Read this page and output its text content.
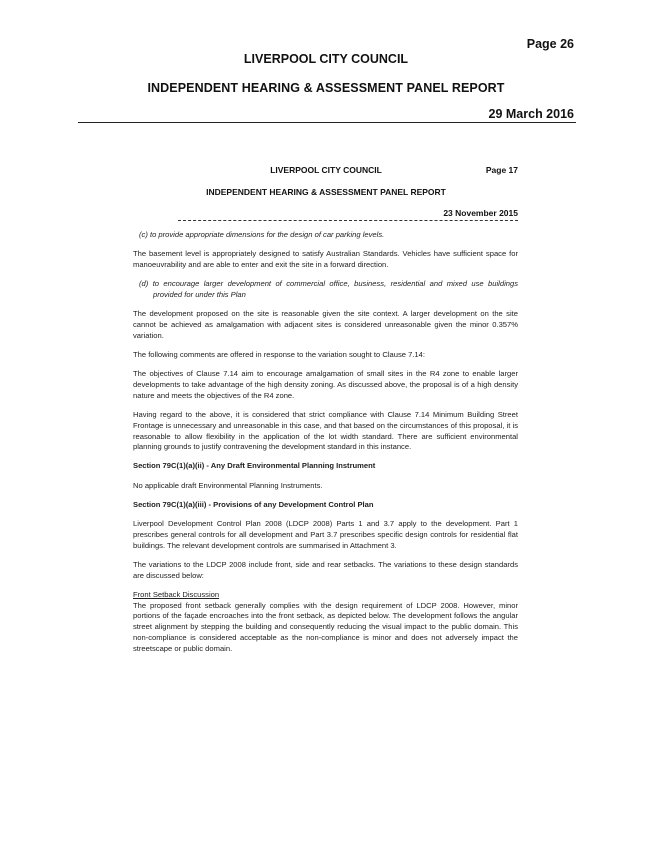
Page 26
LIVERPOOL CITY COUNCIL
INDEPENDENT HEARING & ASSESSMENT PANEL REPORT
29 March 2016
LIVERPOOL CITY COUNCIL	Page 17
INDEPENDENT HEARING & ASSESSMENT PANEL REPORT
23 November 2015

(c) to provide appropriate dimensions for the design of car parking levels.

The basement level is appropriately designed to satisfy Australian Standards. Vehicles have sufficient space for manoeuvrability and are able to enter and exit the site in a forward direction.

(d) to encourage larger development of commercial office, business, residential and mixed use buildings provided for under this Plan

The development proposed on the site is reasonable given the site context. A larger development on the site cannot be achieved as amalgamation with adjacent sites is considered unreasonable given the minor 0.357% variation.

The following comments are offered in response to the variation sought to Clause 7.14:

The objectives of Clause 7.14 aim to encourage amalgamation of small sites in the R4 zone to enable larger developments to take advantage of the high density zoning. As discussed above, the proposal is of a high density nature and meets the objectives of the R4 zone.

Having regard to the above, it is considered that strict compliance with Clause 7.14 Minimum Building Street Frontage is unnecessary and unreasonable in this case, and that based on the circumstances of this proposal, it is reasonable to allow flexibility in the application of the lot width standard. There are sufficient environmental planning grounds to justify contravening the development standard in this instance.

Section 79C(1)(a)(ii) - Any Draft Environmental Planning Instrument

No applicable draft Environmental Planning Instruments.

Section 79C(1)(a)(iii) - Provisions of any Development Control Plan

Liverpool Development Control Plan 2008 (LDCP 2008) Parts 1 and 3.7 apply to the development. Part 1 prescribes general controls for all development and Part 3.7 prescribes specific design controls for residential flat buildings. The relevant development controls are summarised in Attachment 3.

The variations to the LDCP 2008 include front, side and rear setbacks. The variations to these design standards are discussed below:

Front Setback Discussion

The proposed front setback generally complies with the design requirement of LDCP 2008. However, minor portions of the façade encroaches into the front setback, as depicted below. The development follows the angular street alignment by stepping the building and consequently reducing the visual impact to the public domain. This non-compliance is considered acceptable as the non-compliance is minor and does not adversely impact the streetscape or public domain.
